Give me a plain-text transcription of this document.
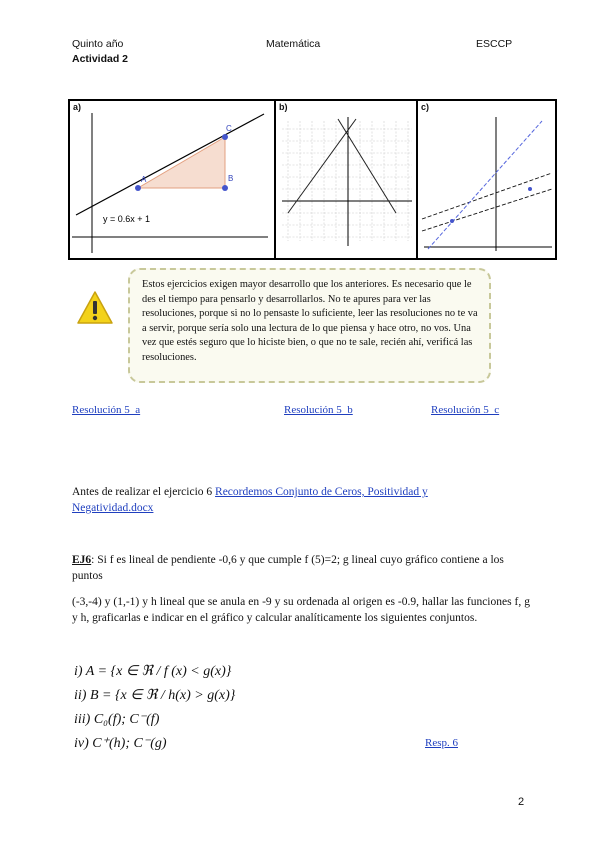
Quinto año	Matemática	ESCCP
Actividad 2
a)
A	B
C
y = 0.6x + 1
b)	c)

Estos ejercicios exigen mayor desarrollo que los anteriores. Es necesario que le des el tiempo para pensarlo y desarrollarlos. No te apures para ver las resoluciones, porque si no lo pensaste lo suficiente, leer las resoluciones no te va a servir, porque sería solo una lectura de lo que piensa y hace otro, no vos. Una vez que estés seguro que lo hiciste bien, o que no te sale, recién ahí, verificá las resoluciones.

Resolución 5_a	Resolución 5_b	Resolución 5_c
Antes de realizar el ejercicio 6 Recordemos Conjunto de Ceros, Positividad y Negatividad.docx

EJ6: Si f es lineal de pendiente -0,6 y que cumple f (5)=2; g lineal cuyo gráfico contiene a los puntos

(-3,-4) y (1,-1) y h lineal que se anula en -9 y su ordenada al origen es -0.9, hallar las funciones f, g y h, graficarlas e indicar en el gráfico y calcular analíticamente los siguientes conjuntos.

i) A = {x ∈ ℜ / f (x) < g(x)}
ii) B = {x ∈ ℜ / h(x) > g(x)}
iii) C₀(f); C⁻(f)
iv) C⁺(h); C⁻(g)	Resp. 6
2
